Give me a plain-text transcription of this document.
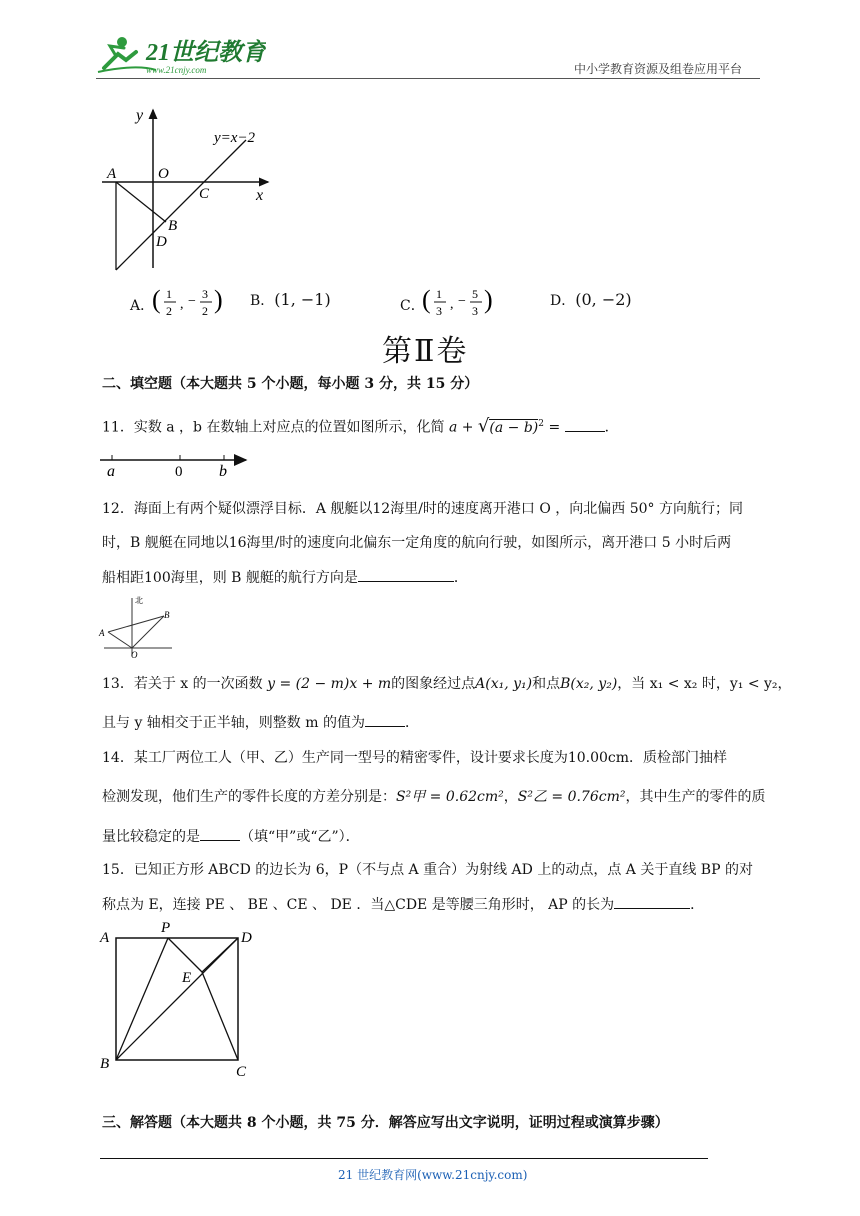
21世纪教育
www.21cnjy.com	中小学教育资源及组卷应用平台
y
x
y=x−2
A	O
C
B
D
A．
( 1
2 , − 3
2 ) B．(1, −1)	C．
( 1
3 , − 5
3 )	D．(0, −2)
第Ⅱ卷
二、填空题（本大题共 5 个小题，每小题 3 分，共 15 分）
11．实数 a ，b 在数轴上对应点的位置如图所示，化简 $a + √(a - b)^2$ =	．
a	0 b
12．海面上有两个疑似漂浮目标．A 舰艇以12海里/时的速度离开港口 O ，向北偏西 50° 方向航行；同
时，B 舰艇在同地以16海里/时的速度向北偏东一定角度的航向行驶，如图所示，离开港口 5 小时后两
船相距100海里，则 B 舰艇的航行方向是	．
北
A
B
O
13．若关于 x 的一次函数 y = (2 − m)x + m的图象经过点A(x₁, y₁)和点B(x₂, y₂)，当 x₁ < x₂ 时，y₁ < y₂，
且与 y 轴相交于正半轴，则整数 m 的值为	．
14．某工厂两位工人（甲、乙）生产同一型号的精密零件，设计要求长度为10.00cm．质检部门抽样
检测发现，他们生产的零件长度的方差分别是：S²甲 = 0.62cm²，S²乙 = 0.76cm²，其中生产的零件的质
量比较稳定的是	（填“甲”或“乙”）．
15．已知正方形 ABCD 的边长为 6，P（不与点 A 重合）为射线 AD 上的动点，点 A 关于直线 BP 的对
称点为 E，连接 PE 、 BE 、CE 、 DE ．当△CDE 是等腰三角形时， AP 的长为	．
A
P
D
E
B	C
三、解答题（本大题共 8 个小题，共 75 分．解答应写出文字说明，证明过程或演算步骤）
21 世纪教育网(www.21cnjy.com)
